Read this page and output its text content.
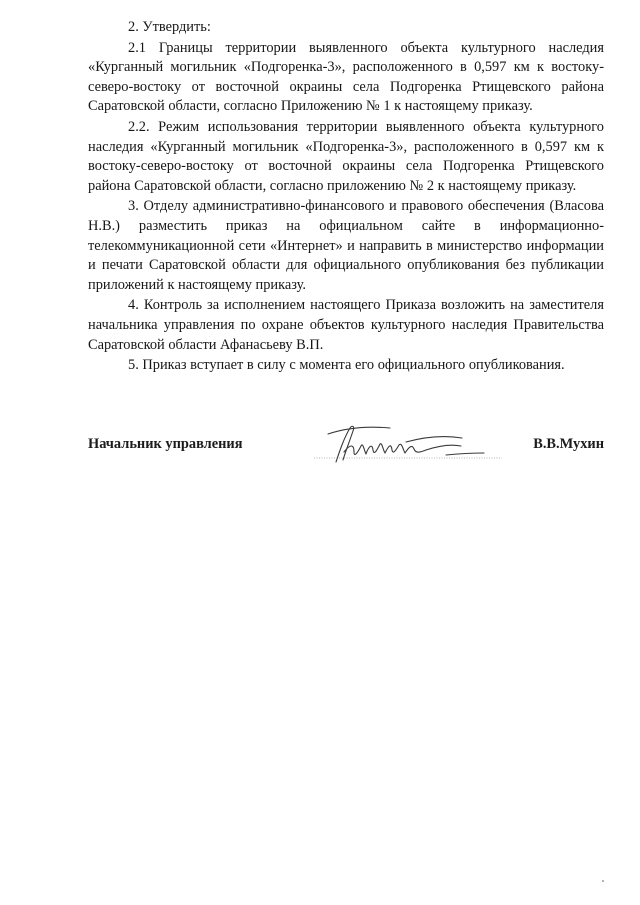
2. Утвердить:

2.1 Границы территории выявленного объекта культурного наследия «Курганный могильник «Подгоренка-3», расположенного в 0,597 км к востоку-северо-востоку от восточной окраины села Подгоренка Ртищевского района Саратовской области, согласно Приложению № 1 к настоящему приказу.

2.2. Режим использования территории выявленного объекта культурного наследия «Курганный могильник «Подгоренка-3», расположенного в 0,597 км к востоку-северо-востоку от восточной окраины села Подгоренка Ртищевского района Саратовской области, согласно приложению № 2 к настоящему приказу.

3. Отделу административно-финансового и правового обеспечения (Власова Н.В.) разместить приказ на официальном сайте в информационно-телекоммуникационной сети «Интернет» и направить в министерство информации и печати Саратовской области для официального опубликования без публикации приложений к настоящему приказу.

4. Контроль за исполнением настоящего Приказа возложить на заместителя начальника управления по охране объектов культурного наследия Правительства Саратовской области Афанасьеву В.П.

5. Приказ вступает в силу с момента его официального опубликования.

Начальник управления	В.В.Мухин
